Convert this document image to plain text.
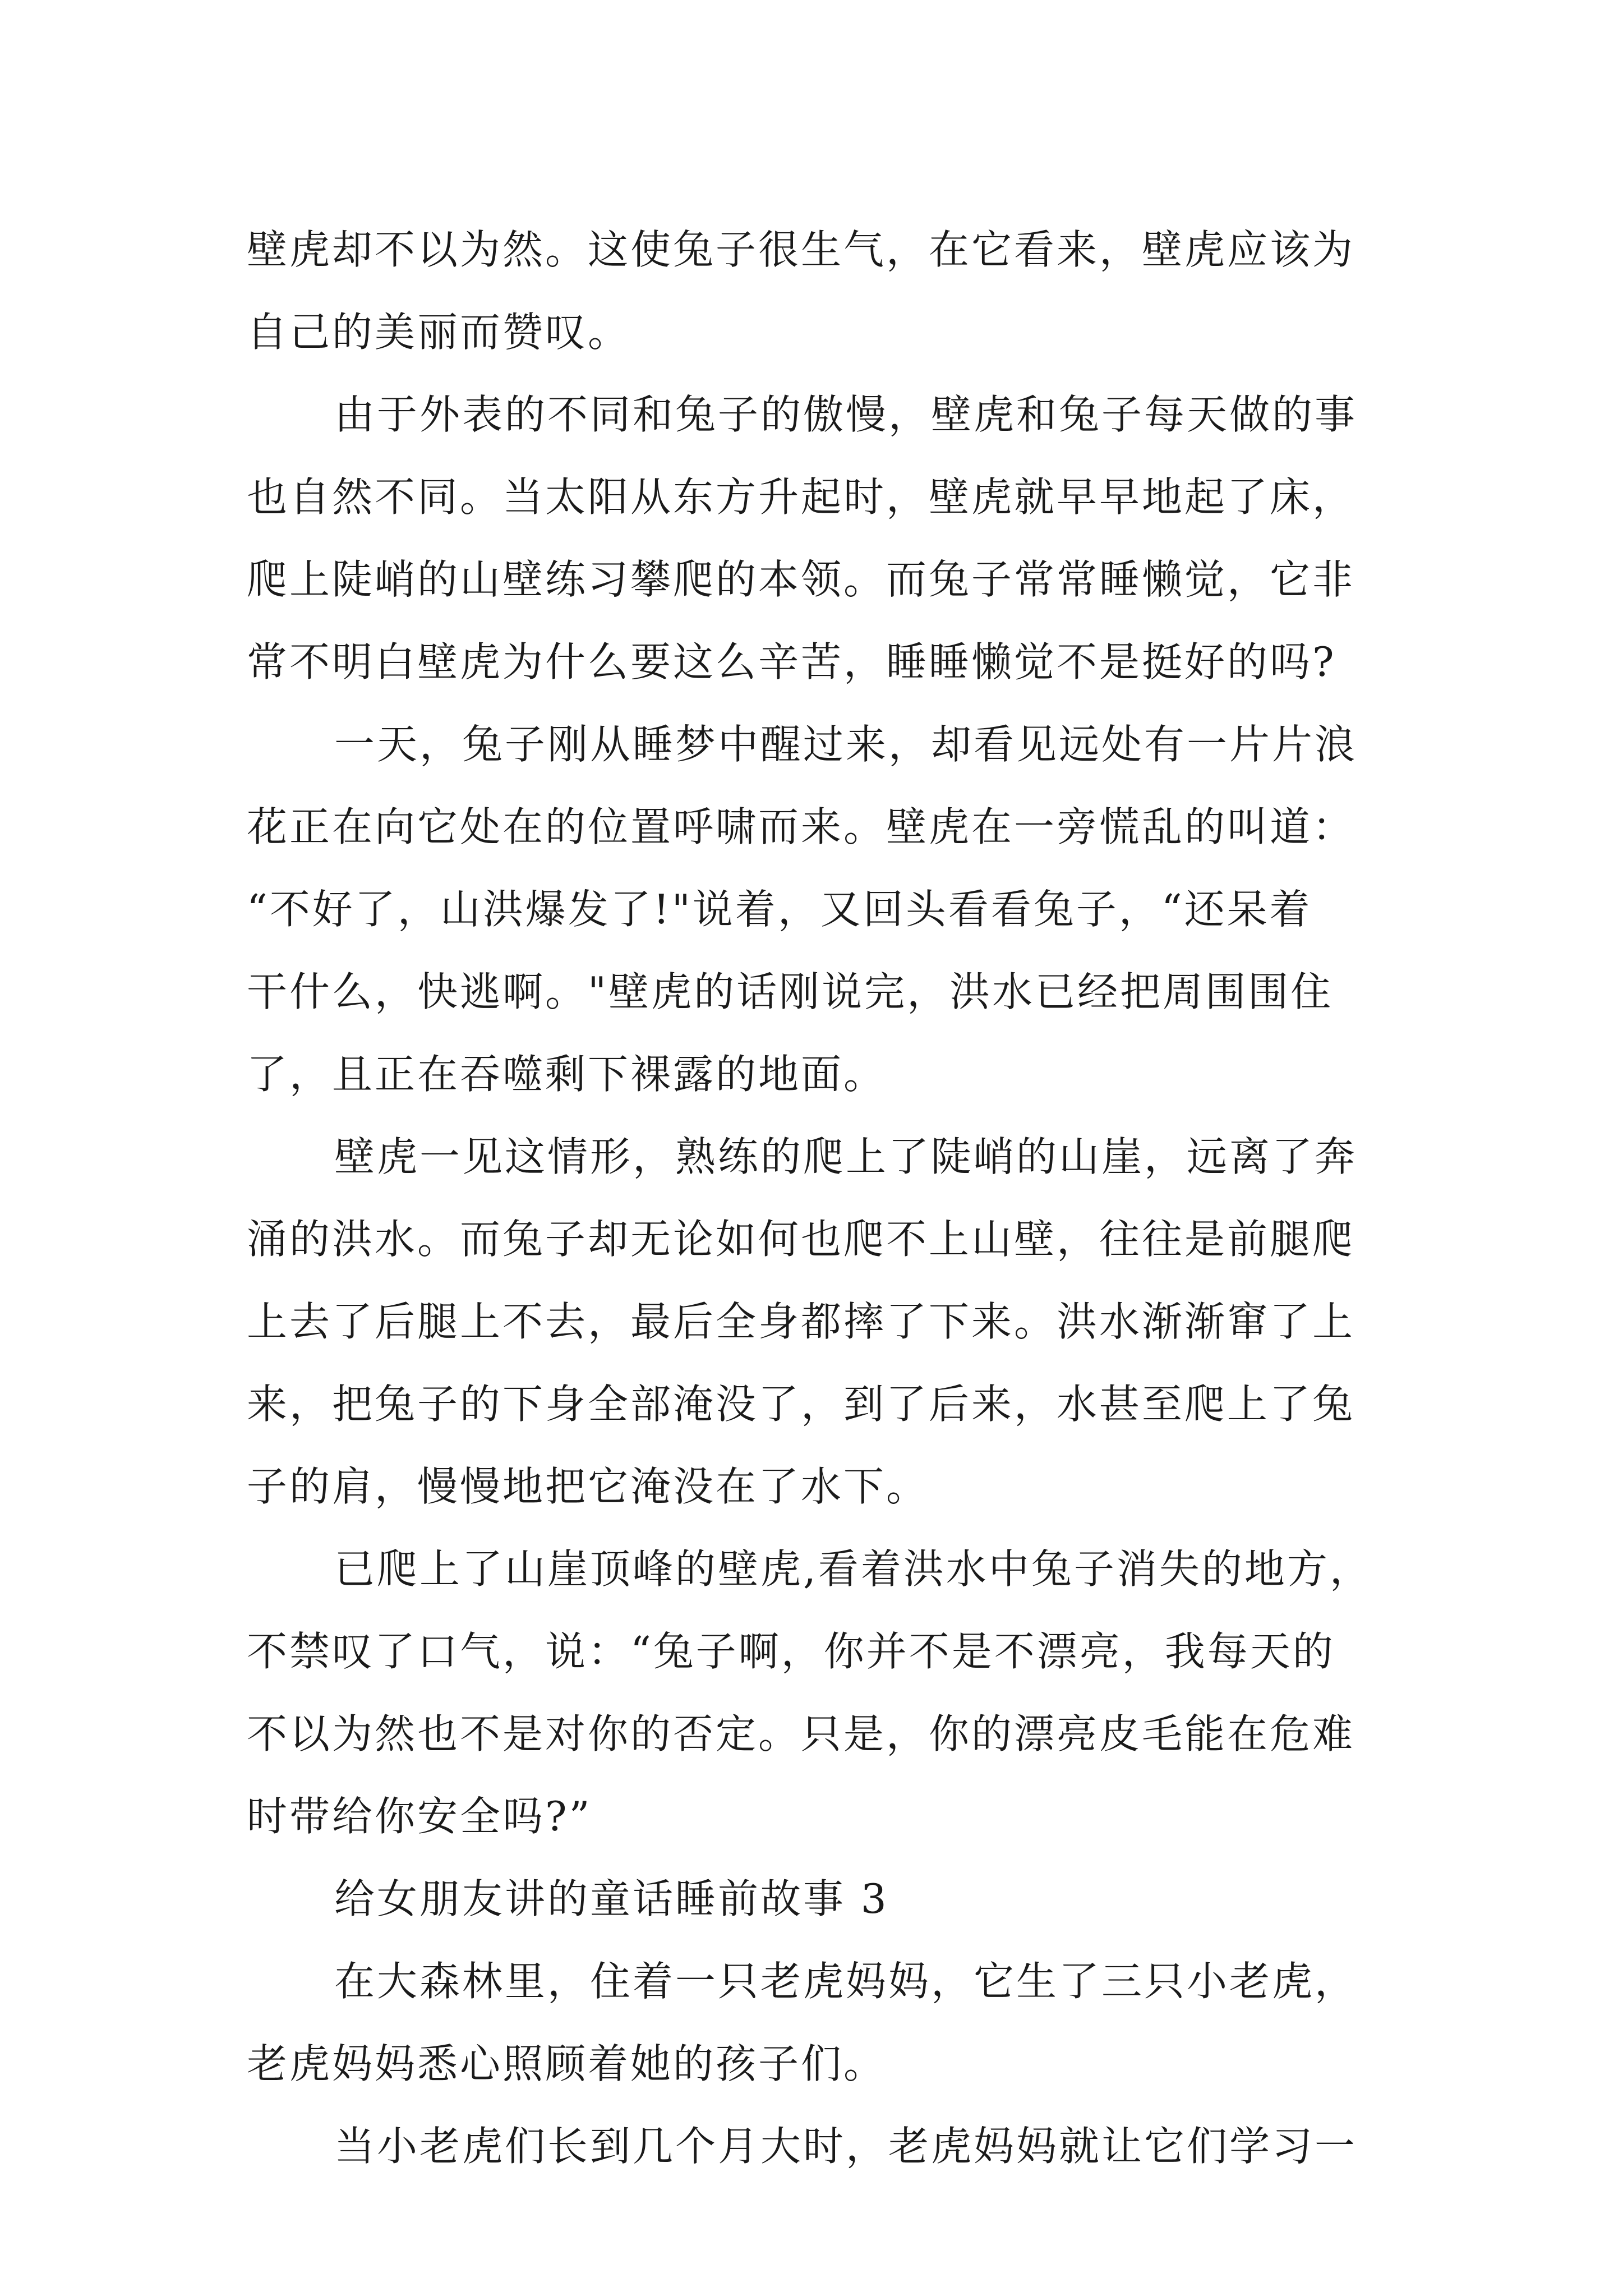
壁虎却不以为然。这使兔子很生气，在它看来，壁虎应该为
自己的美丽而赞叹。
由于外表的不同和兔子的傲慢，壁虎和兔子每天做的事
也自然不同。当太阳从东方升起时，壁虎就早早地起了床，
爬上陡峭的山壁练习攀爬的本领。而兔子常常睡懒觉，它非
常不明白壁虎为什么要这么辛苦，睡睡懒觉不是挺好的吗?
一天，兔子刚从睡梦中醒过来，却看见远处有一片片浪
花正在向它处在的位置呼啸而来。壁虎在一旁慌乱的叫道：
“不好了，山洪爆发了!"说着，又回头看看兔子，“还呆着
干什么，快逃啊。"壁虎的话刚说完，洪水已经把周围围住
了，且正在吞噬剩下裸露的地面。
壁虎一见这情形，熟练的爬上了陡峭的山崖，远离了奔
涌的洪水。而兔子却无论如何也爬不上山壁，往往是前腿爬
上去了后腿上不去，最后全身都摔了下来。洪水渐渐窜了上
来，把兔子的下身全部淹没了，到了后来，水甚至爬上了兔
子的肩，慢慢地把它淹没在了水下。
已爬上了山崖顶峰的壁虎,看着洪水中兔子消失的地方，
不禁叹了口气，说：“兔子啊，你并不是不漂亮，我每天的
不以为然也不是对你的否定。只是，你的漂亮皮毛能在危难
时带给你安全吗?”
给女朋友讲的童话睡前故事 3
在大森林里，住着一只老虎妈妈，它生了三只小老虎，
老虎妈妈悉心照顾着她的孩子们。
当小老虎们长到几个月大时，老虎妈妈就让它们学习一
